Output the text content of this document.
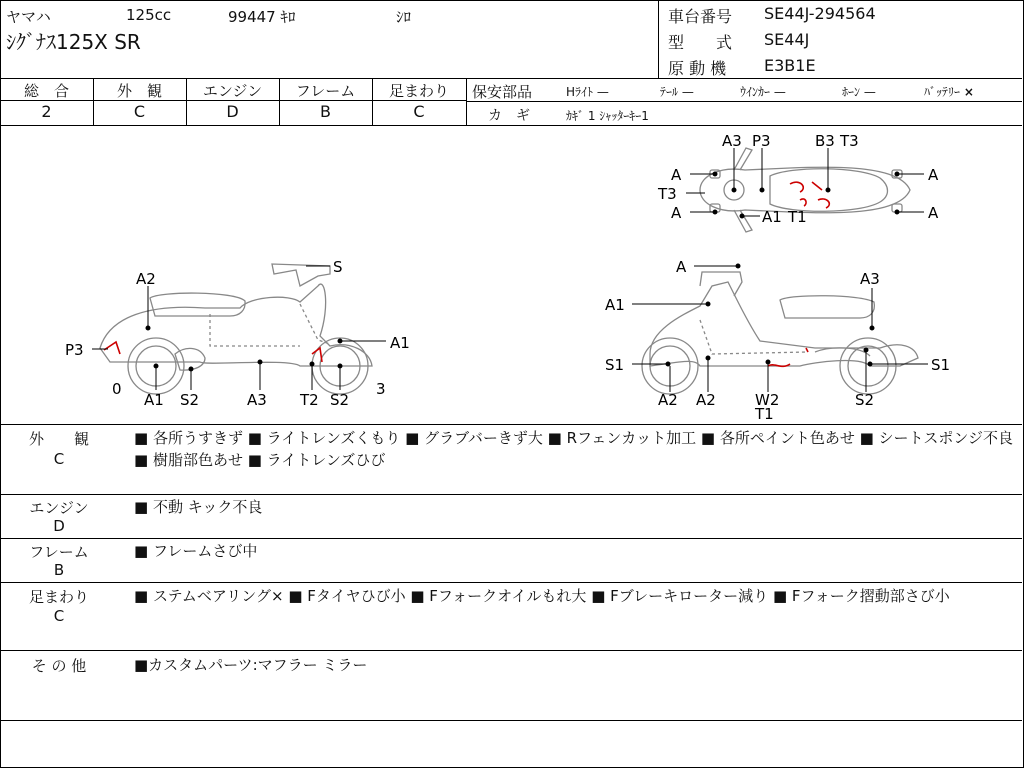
ヤマハ	125cc	99447 ｷﾛ	ｼﾛ
ｼｸﾞﾅｽ125X SR
車台番号 SE44J-294564
型　　式 SE44J
原 動 機 E3B1E
総　合
2
外　観
C
エンジン
D
フレーム
B
足まわり
C
保安部品	Hﾗｲﾄ —	ﾃｰﾙ —	ｳｲﾝｶｰ —	ﾎｰﾝ —	ﾊﾞｯﾃﾘｰ ×
カ　ギ	ｶｷﾞ 1 ｼｬｯﾀｰｷｰ1
S
A2
P3	A1
0
A1 S2	A3 T2 S2
3
A3 P3	B3 T3
A	A
T3
A	A
A1 T1
A
A1
A3
S1	S1
A2 A2	W2
T1
S2
外　　観
C
■ 各所うすきず ■ ライトレンズくもり ■ グラブバーきず大 ■ Rフェンカット加工 ■ 各所ペイント色あせ ■ シートスポンジ不良 ■ 樹脂部色あせ ■ ライトレンズひび
エンジン
D
■ 不動 キック不良
フレーム
B
■ フレームさび中
足まわり
C
■ ステムベアリング× ■ Fタイヤひび小 ■ Fフォークオイルもれ大 ■ Fブレーキローター減り ■ Fフォーク摺動部さび小
そ の 他	■カスタムパーツ:マフラー ミラー
